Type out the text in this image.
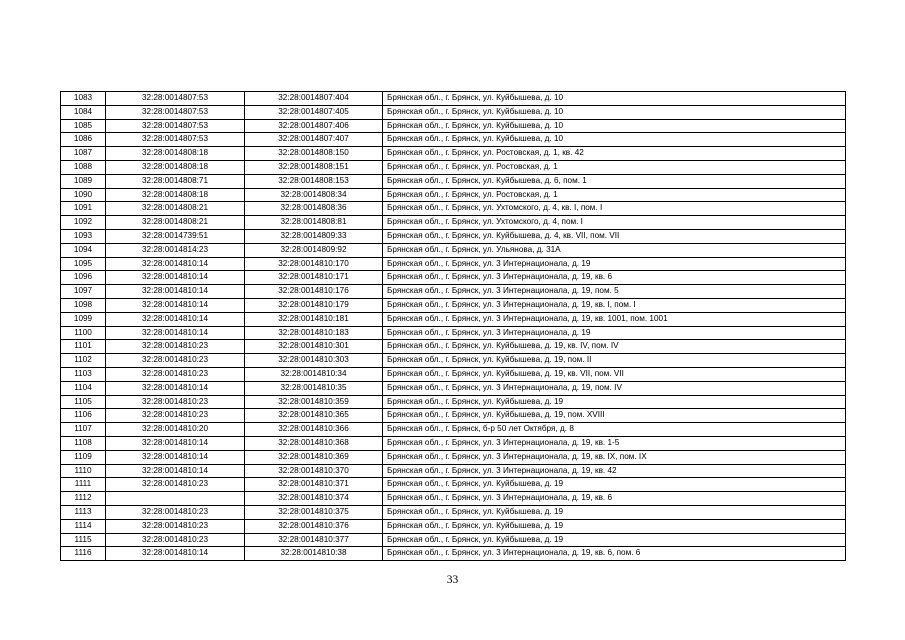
1083	32:28:0014807:53	32:28:0014807:404	Брянская обл., г. Брянск, ул. Куйбышева, д. 10
1084	32:28:0014807:53	32:28:0014807:405	Брянская обл., г. Брянск, ул. Куйбышева, д. 10
1085	32:28:0014807:53	32:28:0014807:406	Брянская обл., г. Брянск, ул. Куйбышева, д. 10
1086	32:28:0014807:53	32:28:0014807:407	Брянская обл., г. Брянск, ул. Куйбышева, д. 10
1087	32:28:0014808:18	32:28:0014808:150	Брянская обл., г. Брянск, ул. Ростовская, д. 1, кв. 42
1088	32:28:0014808:18	32:28:0014808:151	Брянская обл., г. Брянск, ул. Ростовская, д. 1
1089	32:28:0014808:71	32:28:0014808:153	Брянская обл., г. Брянск, ул. Куйбышева, д. 6, пом. 1
1090	32:28:0014808:18	32:28:0014808:34	Брянская обл., г. Брянск, ул. Ростовская, д. 1
1091	32:28:0014808:21	32:28:0014808:36	Брянская обл., г. Брянск, ул. Ухтомского, д. 4, кв. I, пом. I
1092	32:28:0014808:21	32:28:0014808:81	Брянская обл., г. Брянск, ул. Ухтомского, д. 4, пом. I
1093	32:28:0014739:51	32:28:0014809:33	Брянская обл., г. Брянск, ул. Куйбышева, д. 4, кв. VII, пом. VII
1094	32:28:0014814:23	32:28:0014809:92	Брянская обл., г. Брянск, ул. Ульянова, д. 31А
1095	32:28:0014810:14	32:28:0014810:170	Брянская обл., г. Брянск, ул. 3 Интернационала, д. 19
1096	32:28:0014810:14	32:28:0014810:171	Брянская обл., г. Брянск, ул. 3 Интернационала, д. 19, кв. 6
1097	32:28:0014810:14	32:28:0014810:176	Брянская обл., г. Брянск, ул. 3 Интернационала, д. 19, пом. 5
1098	32:28:0014810:14	32:28:0014810:179	Брянская обл., г. Брянск, ул. 3 Интернационала, д. 19, кв. I, пом. I
1099	32:28:0014810:14	32:28:0014810:181	Брянская обл., г. Брянск, ул. 3 Интернационала, д. 19, кв. 1001, пом. 1001
1100	32:28:0014810:14	32:28:0014810:183	Брянская обл., г. Брянск, ул. 3 Интернационала, д. 19
1101	32:28:0014810:23	32:28:0014810:301	Брянская обл., г. Брянск, ул. Куйбышева, д. 19, кв. IV, пом. IV
1102	32:28:0014810:23	32:28:0014810:303	Брянская обл., г. Брянск, ул. Куйбышева, д. 19, пом. II
1103	32:28:0014810:23	32:28:0014810:34	Брянская обл., г. Брянск, ул. Куйбышева, д. 19, кв. VII, пом. VII
1104	32:28:0014810:14	32:28:0014810:35	Брянская обл., г. Брянск, ул. 3 Интернационала, д. 19, пом. IV
1105	32:28:0014810:23	32:28:0014810:359	Брянская обл., г. Брянск, ул. Куйбышева, д. 19
1106	32:28:0014810:23	32:28:0014810:365	Брянская обл., г. Брянск, ул. Куйбышева, д. 19, пом. XVIII
1107	32:28:0014810:20	32:28:0014810:366	Брянская обл., г. Брянск, б-р 50 лет Октября, д. 8
1108	32:28:0014810:14	32:28:0014810:368	Брянская обл., г. Брянск, ул. 3 Интернационала, д. 19, кв. 1-5
1109	32:28:0014810:14	32:28:0014810:369	Брянская обл., г. Брянск, ул. 3 Интернационала, д. 19, кв. IX, пом. IX
1110	32:28:0014810:14	32:28:0014810:370	Брянская обл., г. Брянск, ул. 3 Интернационала, д. 19, кв. 42
1111	32:28:0014810:23	32:28:0014810:371	Брянская обл., г. Брянск, ул. Куйбышева, д. 19
1112		32:28:0014810:374	Брянская обл., г. Брянск, ул. 3 Интернационала, д. 19, кв. 6
1113	32:28:0014810:23	32:28:0014810:375	Брянская обл., г. Брянск, ул. Куйбышева, д. 19
1114	32:28:0014810:23	32:28:0014810:376	Брянская обл., г. Брянск, ул. Куйбышева, д. 19
1115	32:28:0014810:23	32:28:0014810:377	Брянская обл., г. Брянск, ул. Куйбышева, д. 19
1116	32:28:0014810:14	32:28:0014810:38	Брянская обл., г. Брянск, ул. 3 Интернационала, д. 19, кв. 6, пом. 6
33
